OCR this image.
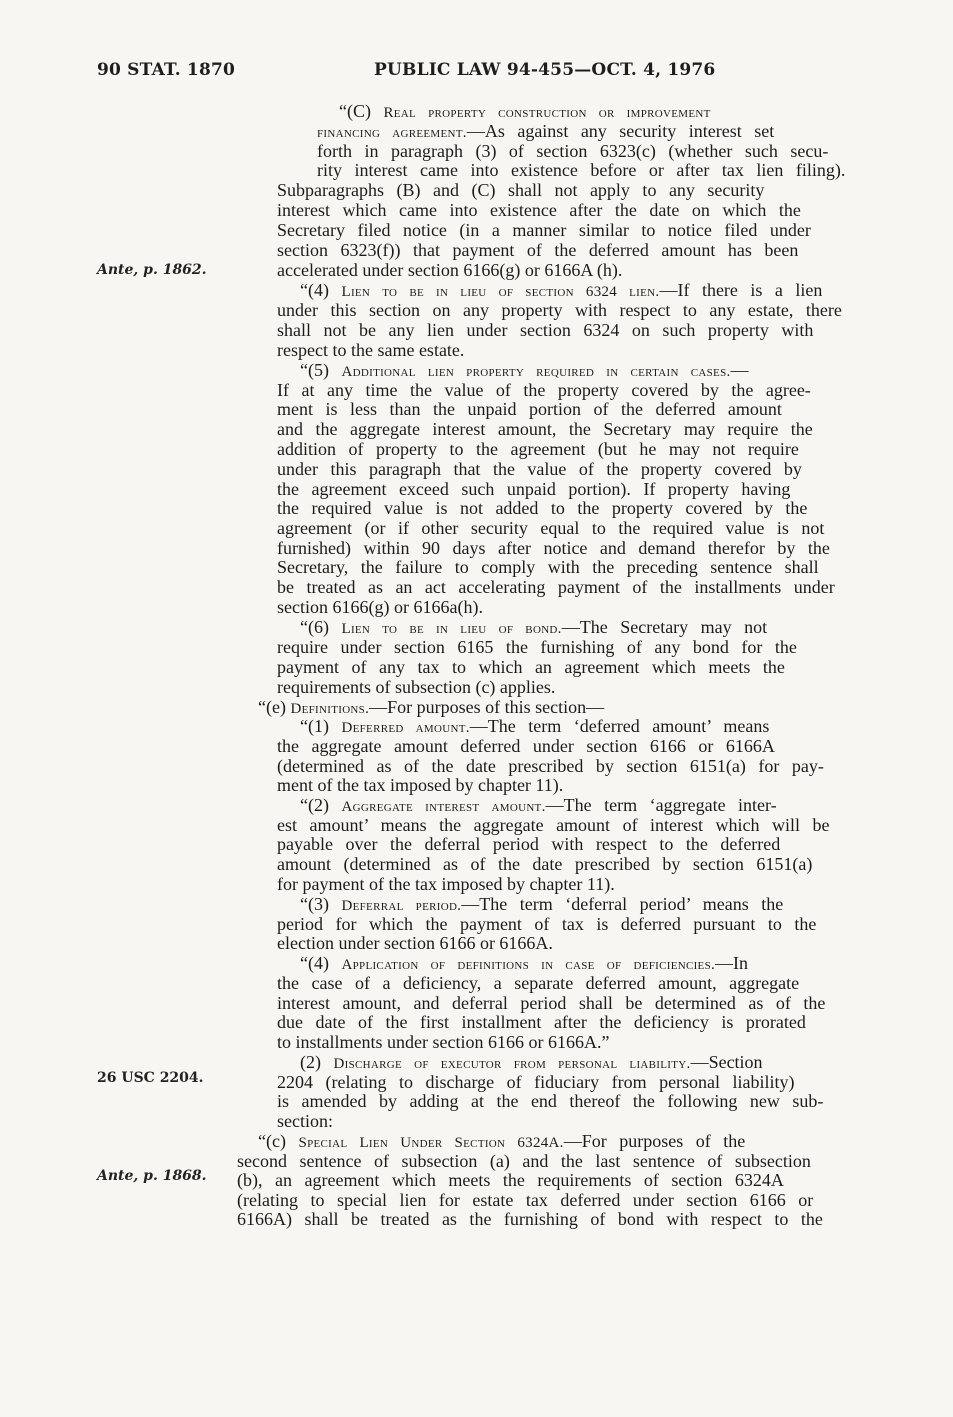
90 STAT. 1870	PUBLIC LAW 94-455—OCT. 4, 1976
Ante, p. 1862.
26 USC 2204.
Ante, p. 1868.
“(C) Real property construction or improvement
financing agreement.—As against any security interest set
forth in paragraph (3) of section 6323(c) (whether such secu-
rity interest came into existence before or after tax lien filing).
Subparagraphs (B) and (C) shall not apply to any security
interest which came into existence after the date on which the
Secretary filed notice (in a manner similar to notice filed under
section 6323(f)) that payment of the deferred amount has been
accelerated under section 6166(g) or 6166A (h).
“(4) Lien to be in lieu of section 6324 lien.—If there is a lien
under this section on any property with respect to any estate, there
shall not be any lien under section 6324 on such property with
respect to the same estate.
“(5) Additional lien property required in certain cases.—
If at any time the value of the property covered by the agree-
ment is less than the unpaid portion of the deferred amount
and the aggregate interest amount, the Secretary may require the
addition of property to the agreement (but he may not require
under this paragraph that the value of the property covered by
the agreement exceed such unpaid portion). If property having
the required value is not added to the property covered by the
agreement (or if other security equal to the required value is not
furnished) within 90 days after notice and demand therefor by the
Secretary, the failure to comply with the preceding sentence shall
be treated as an act accelerating payment of the installments under
section 6166(g) or 6166a(h).
“(6) Lien to be in lieu of bond.—The Secretary may not
require under section 6165 the furnishing of any bond for the
payment of any tax to which an agreement which meets the
requirements of subsection (c) applies.
“(e) Definitions.—For purposes of this section—
“(1) Deferred amount.—The term ‘deferred amount’ means
the aggregate amount deferred under section 6166 or 6166A
(determined as of the date prescribed by section 6151(a) for pay-
ment of the tax imposed by chapter 11).
“(2) Aggregate interest amount.—The term ‘aggregate inter-
est amount’ means the aggregate amount of interest which will be
payable over the deferral period with respect to the deferred
amount (determined as of the date prescribed by section 6151(a)
for payment of the tax imposed by chapter 11).
“(3) Deferral period.—The term ‘deferral period’ means the
period for which the payment of tax is deferred pursuant to the
election under section 6166 or 6166A.
“(4) Application of definitions in case of deficiencies.—In
the case of a deficiency, a separate deferred amount, aggregate
interest amount, and deferral period shall be determined as of the
due date of the first installment after the deficiency is prorated
to installments under section 6166 or 6166A.”
(2) Discharge of executor from personal liability.—Section
2204 (relating to discharge of fiduciary from personal liability)
is amended by adding at the end thereof the following new sub-
section:
“(c) Special Lien Under Section 6324A.—For purposes of the
second sentence of subsection (a) and the last sentence of subsection
(b), an agreement which meets the requirements of section 6324A
(relating to special lien for estate tax deferred under section 6166 or
6166A) shall be treated as the furnishing of bond with respect to the
